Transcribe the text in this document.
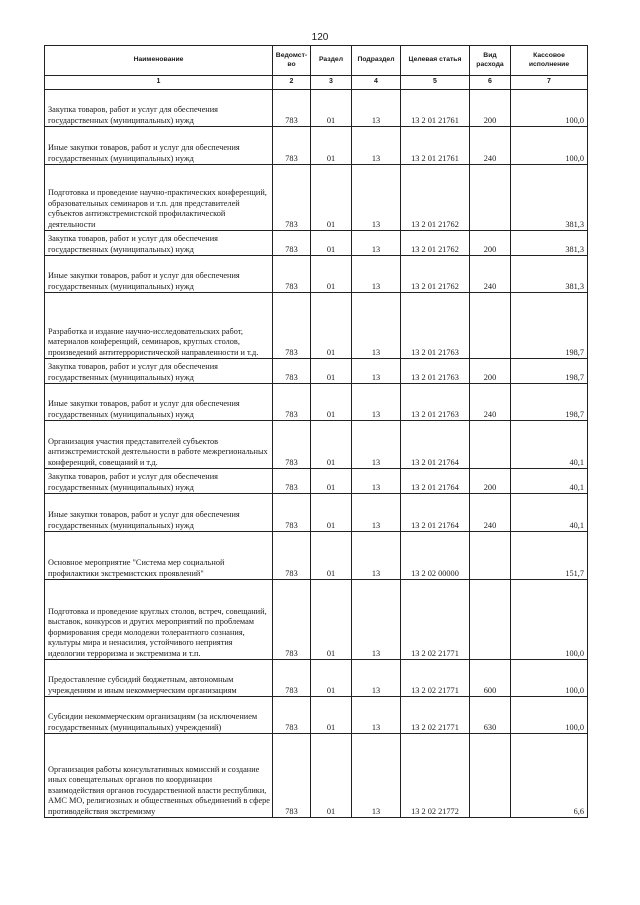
120
Наименование	Ведомст-во	Раздел	Подраздел	Целевая статья	Вид расхода	Кассовое исполнение
1	2	3	4	5	6	7
Закупка товаров, работ и услуг для обеспечения государственных (муниципальных) нужд	783	01	13	13 2 01 21761	200	100,0
Иные закупки товаров, работ и услуг для обеспечения государственных (муниципальных) нужд	783	01	13	13 2 01 21761	240	100,0
Подготовка и проведение научно-практических конференций, образовательных семинаров и т.п. для представителей субъектов антиэкстремистской профилактической деятельности	783	01	13	13 2 01 21762		381,3
Закупка товаров, работ и услуг для обеспечения государственных (муниципальных) нужд	783	01	13	13 2 01 21762	200	381,3
Иные закупки товаров, работ и услуг для обеспечения государственных (муниципальных) нужд	783	01	13	13 2 01 21762	240	381,3
Разработка и издание научно-исследовательских работ, материалов конференций, семинаров, круглых столов, произведений антитеррористической направленности и т.д.	783	01	13	13 2 01 21763		198,7
Закупка товаров, работ и услуг для обеспечения государственных (муниципальных) нужд	783	01	13	13 2 01 21763	200	198,7
Иные закупки товаров, работ и услуг для обеспечения государственных (муниципальных) нужд	783	01	13	13 2 01 21763	240	198,7
Организация участия представителей субъектов антиэкстремистской деятельности в работе межрегиональных конференций, совещаний и т.д.	783	01	13	13 2 01 21764		40,1
Закупка товаров, работ и услуг для обеспечения государственных (муниципальных) нужд	783	01	13	13 2 01 21764	200	40,1
Иные закупки товаров, работ и услуг для обеспечения государственных (муниципальных) нужд	783	01	13	13 2 01 21764	240	40,1
Основное мероприятие "Система мер социальной профилактики экстремистских проявлений"	783	01	13	13 2 02 00000		151,7
Подготовка и проведение круглых столов, встреч, совещаний, выставок, конкурсов и других мероприятий по проблемам формирования среди молодежи толерантного сознания, культуры мира и ненасилия, устойчивого неприятия идеологии терроризма и экстремизма и т.п.	783	01	13	13 2 02 21771		100,0
Предоставление субсидий бюджетным, автономным учреждениям и иным некоммерческим организациям	783	01	13	13 2 02 21771	600	100,0
Субсидии некоммерческим организациям (за исключением государственных (муниципальных) учреждений)	783	01	13	13 2 02 21771	630	100,0
Организация работы консультативных комиссий и создание иных совещательных органов по координации взаимодействия органов государственной власти республики, АМС МО, религиозных и общественных объединений в сфере противодействия экстремизму	783	01	13	13 2 02 21772		6,6
